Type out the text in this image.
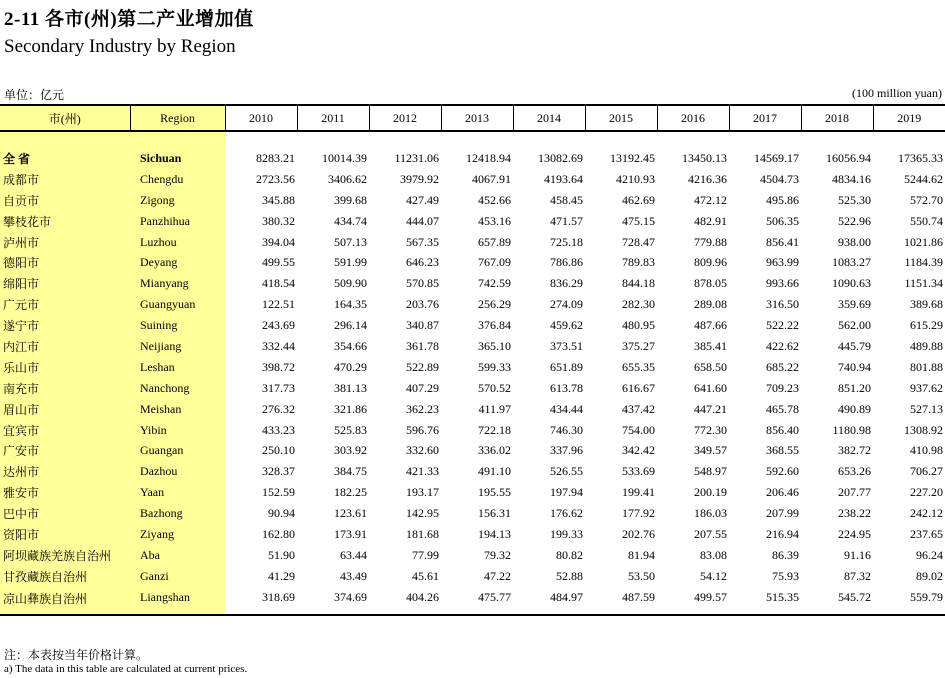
2-11 各市(州)第二产业增加值
Secondary Industry by Region
单位：亿元	(100 million yuan)
市(州)	Region	2010	2011	2012	2013	2014	2015	2016	2017	2018	2019

全 省	Sichuan	8283.21	10014.39	11231.06	12418.94	13082.69	13192.45	13450.13	14569.17	16056.94	17365.33
成都市	Chengdu	2723.56	3406.62	3979.92	4067.91	4193.64	4210.93	4216.36	4504.73	4834.16	5244.62
自贡市	Zigong	345.88	399.68	427.49	452.66	458.45	462.69	472.12	495.86	525.30	572.70
攀枝花市	Panzhihua	380.32	434.74	444.07	453.16	471.57	475.15	482.91	506.35	522.96	550.74
泸州市	Luzhou	394.04	507.13	567.35	657.89	725.18	728.47	779.88	856.41	938.00	1021.86
德阳市	Deyang	499.55	591.99	646.23	767.09	786.86	789.83	809.96	963.99	1083.27	1184.39
绵阳市	Mianyang	418.54	509.90	570.85	742.59	836.29	844.18	878.05	993.66	1090.63	1151.34
广元市	Guangyuan	122.51	164.35	203.76	256.29	274.09	282.30	289.08	316.50	359.69	389.68
遂宁市	Suining	243.69	296.14	340.87	376.84	459.62	480.95	487.66	522.22	562.00	615.29
内江市	Neijiang	332.44	354.66	361.78	365.10	373.51	375.27	385.41	422.62	445.79	489.88
乐山市	Leshan	398.72	470.29	522.89	599.33	651.89	655.35	658.50	685.22	740.94	801.88
南充市	Nanchong	317.73	381.13	407.29	570.52	613.78	616.67	641.60	709.23	851.20	937.62
眉山市	Meishan	276.32	321.86	362.23	411.97	434.44	437.42	447.21	465.78	490.89	527.13
宜宾市	Yibin	433.23	525.83	596.76	722.18	746.30	754.00	772.30	856.40	1180.98	1308.92
广安市	Guangan	250.10	303.92	332.60	336.02	337.96	342.42	349.57	368.55	382.72	410.98
达州市	Dazhou	328.37	384.75	421.33	491.10	526.55	533.69	548.97	592.60	653.26	706.27
雅安市	Yaan	152.59	182.25	193.17	195.55	197.94	199.41	200.19	206.46	207.77	227.20
巴中市	Bazhong	90.94	123.61	142.95	156.31	176.62	177.92	186.03	207.99	238.22	242.12
资阳市	Ziyang	162.80	173.91	181.68	194.13	199.33	202.76	207.55	216.94	224.95	237.65
阿坝藏族羌族自治州	Aba	51.90	63.44	77.99	79.32	80.82	81.94	83.08	86.39	91.16	96.24
甘孜藏族自治州	Ganzi	41.29	43.49	45.61	47.22	52.88	53.50	54.12	75.93	87.32	89.02
凉山彝族自治州	Liangshan	318.69	374.69	404.26	475.77	484.97	487.59	499.57	515.35	545.72	559.79
注：本表按当年价格计算。
a) The data in this table are calculated at current prices.
